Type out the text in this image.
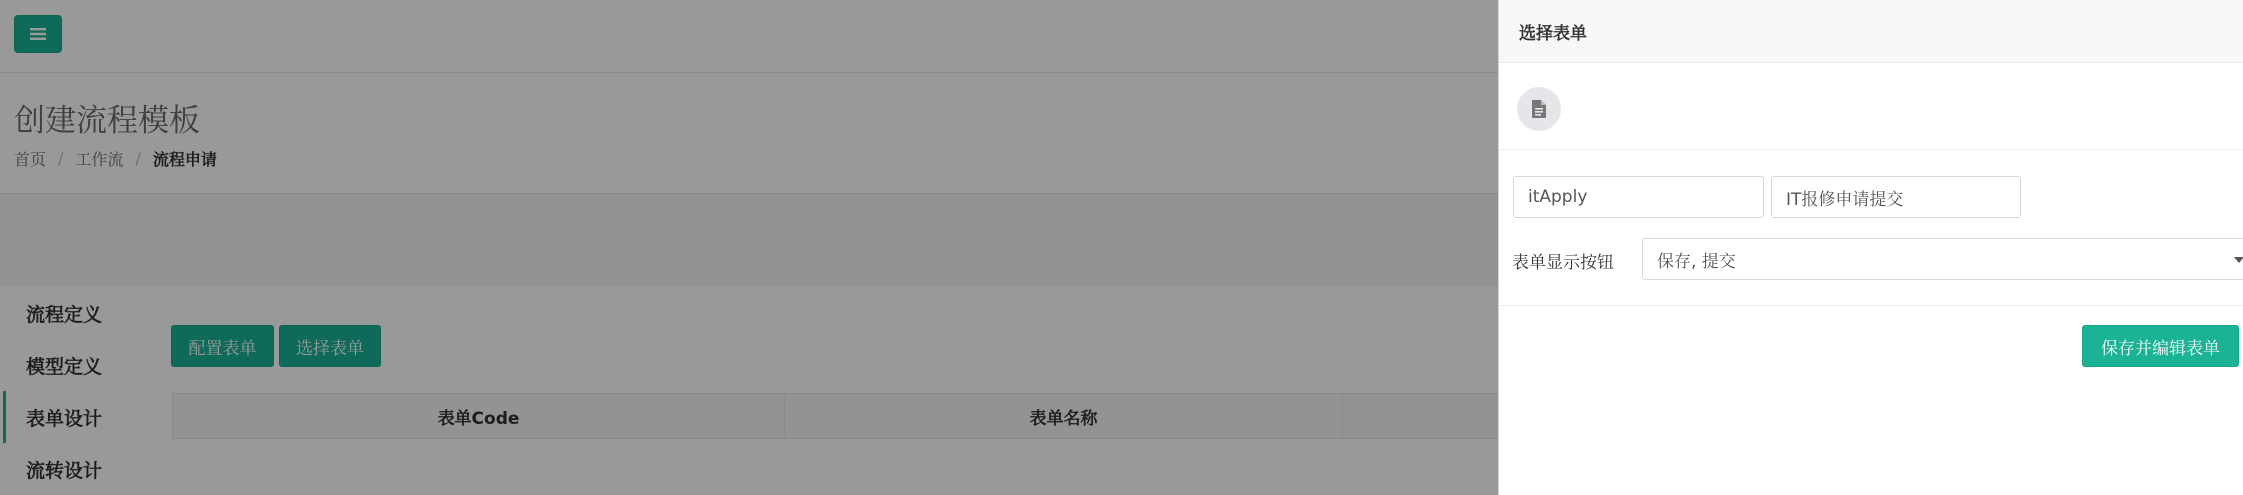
创建流程模板
首页 / 工作流 / 流程申请
流程定义
模型定义
表单设计
流转设计
配置表单	选择表单
表单Code	表单名称
选择表单
itApply
IT报修申请提交
表单显示按钮	保存, 提交
保存并编辑表单
